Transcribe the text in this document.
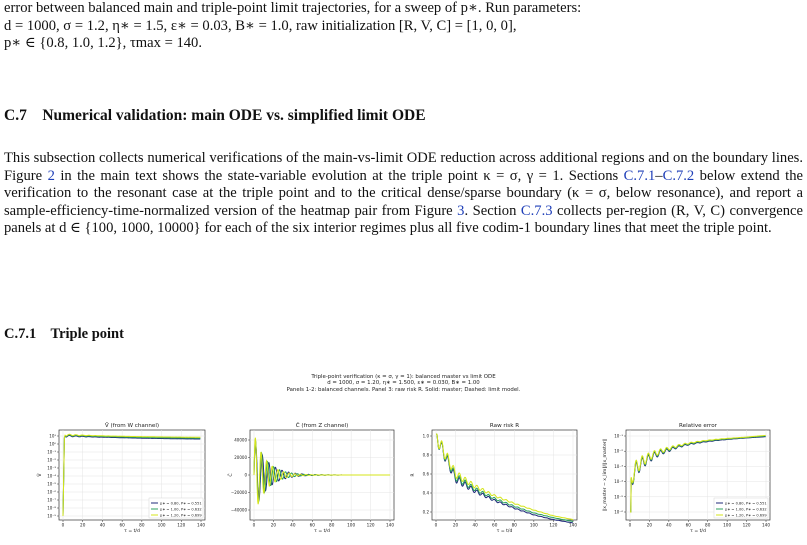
error between balanced main and triple-point limit trajectories, for a sweep of p∗. Run parameters:

d = 1000, σ = 1.2, η∗ = 1.5, ε∗ = 0.03, B∗ = 1.0, raw initialization [R, V, C] = [1, 0, 0],

p∗ ∈ {0.8, 1.0, 1.2}, τmax = 140.

C.7 Numerical validation: main ODE vs. simplified limit ODE

This subsection collects numerical verifications of the main-vs-limit ODE reduction across additional regions and on the boundary lines. Figure 2 in the main text shows the state-variable evolution at the triple point κ = σ, γ = 1. Sections C.7.1–C.7.2 below extend the verification to the resonant case at the triple point and to the critical dense/sparse boundary (κ = σ, below resonance), and report a sample-efficiency-time-normalized version of the heatmap pair from Figure 3. Section C.7.3 collects per-region (R, V, C) convergence panels at d ∈ {100, 1000, 10000} for each of the six interior regimes plus all five codim-1 boundary lines that meet the triple point.

C.7.1 Triple point
Triple-point verification (κ = σ, γ = 1): balanced master vs limit ODE
d = 1000, σ = 1.20, η∗ = 1.500, ε∗ = 0.030, B∗ = 1.00
Panels 1-2: balanced channels. Panel 3: raw risk R. Solid: master; Dashed: limit model.
Ṽ (from W channel)
τ = t/d
Ṽ
0	20	40	60	80	100	120	140
10¹
10⁰
10⁻¹
10⁻²
10⁻³
10⁻⁴
10⁻⁵
10⁻⁶
10⁻⁷
10⁻⁸
10⁻⁹
p∗ = 0.80, P∗ = 0.551
p∗ = 1.00, P∗ = 0.632
p∗ = 1.20, P∗ = 0.699
C̃ (from Z channel)
τ = t/d
C̃
0	20	40	60	80	100	120	140
40000
20000
0
−20000
−40000
Raw risk R
τ = t/d
R
0	20	40	60	80	100	120	140
1.0
0.8
0.6
0.4
0.2
Relative error
τ = t/d
‖x_master − x_lim‖/‖x_master‖
0	20	40	60	80	100	120	140
10⁻¹
10⁻²
10⁻³
10⁻⁴
10⁻⁵
10⁻⁶
p∗ = 0.80, P∗ = 0.551
p∗ = 1.00, P∗ = 0.632
p∗ = 1.20, P∗ = 0.699
